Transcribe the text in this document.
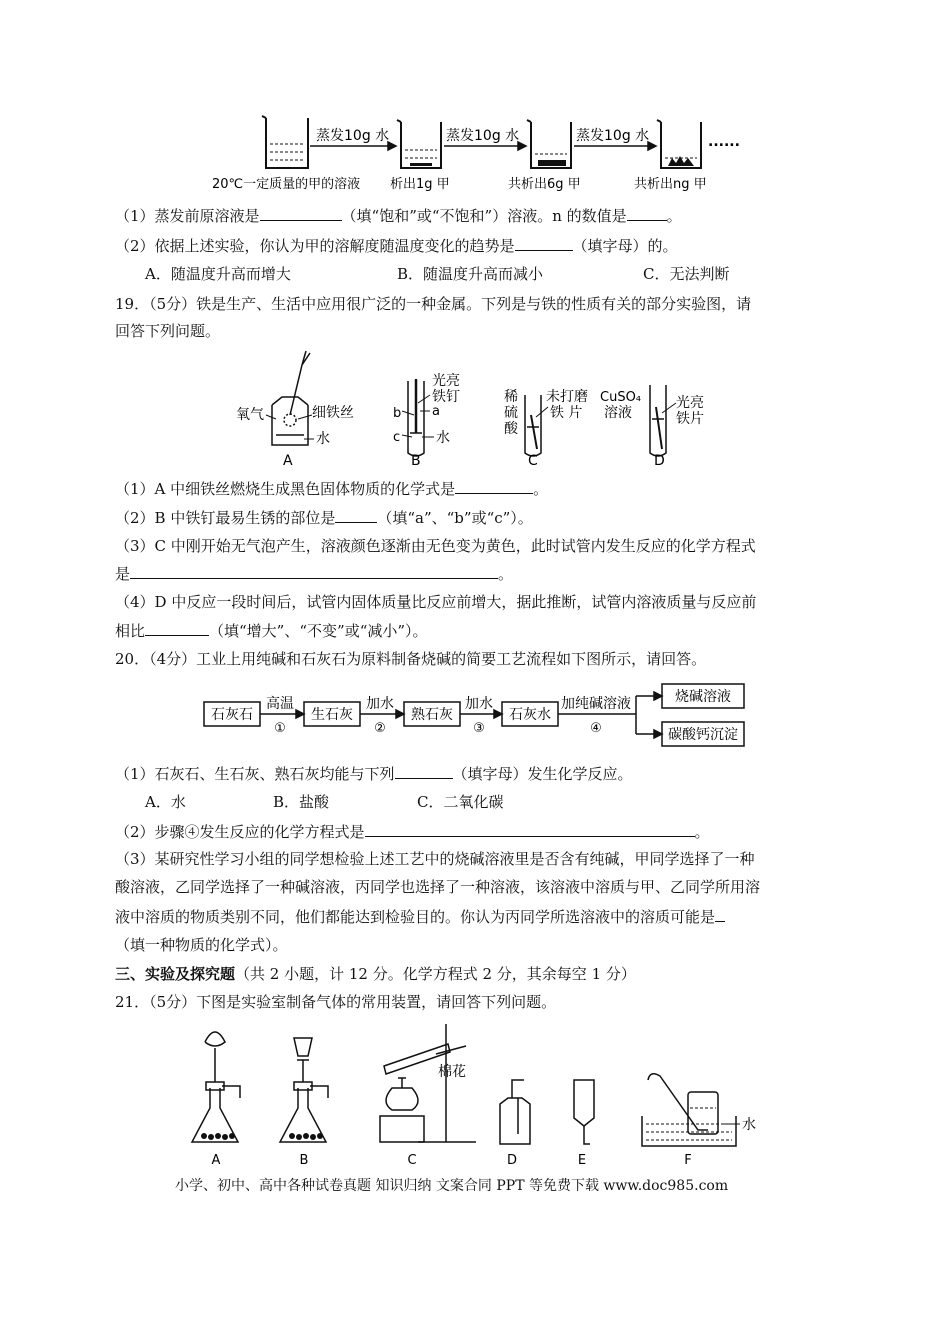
蒸发10g 水	蒸发10g 水	蒸发10g 水	......
20℃一定质量的甲的溶液 析出1g 甲	共析出6g 甲	共析出ng 甲
（1）蒸发前原溶液是	（填“饱和”或“不饱和”）溶液。n 的数值是	。
（2）依据上述实验，你认为甲的溶解度随温度变化的趋势是	（填字母）的。
A．随温度升高而增大	B．随温度升高而减小	C．无法判断
19．（5分）铁是生产、生活中应用很广泛的一种金属。下列是与铁的性质有关的部分实验图，请
回答下列问题。
氧气	细铁丝
水
A
光亮
铁钉
a
b
c	水
B
稀
硫
酸
未打磨
铁 片
C
CuSO₄
溶液
光亮
铁片
D
（1）A 中细铁丝燃烧生成黑色固体物质的化学式是	。
（2）B 中铁钉最易生锈的部位是	（填“a”、“b”或“c”）。
（3）C 中刚开始无气泡产生，溶液颜色逐渐由无色变为黄色，此时试管内发生反应的化学方程式
是	。
（4）D 中反应一段时间后，试管内固体质量比反应前增大，据此推断，试管内溶液质量与反应前
相比	（填“增大”、“不变”或“减小”）。
20．（4分）工业上用纯碱和石灰石为原料制备烧碱的简要工艺流程如下图所示，请回答。
石灰石	生石灰	熟石灰	石灰水
烧碱溶液
碳酸钙沉淀
高温	加水	加水	加纯碱溶液
①	②	③	④
（1）石灰石、生石灰、熟石灰均能与下列	（填字母）发生化学反应。
A．水	B．盐酸	C．二氧化碳
（2）步骤④发生反应的化学方程式是	。
（3）某研究性学习小组的同学想检验上述工艺中的烧碱溶液里是否含有纯碱，甲同学选择了一种
酸溶液，乙同学选择了一种碱溶液，丙同学也选择了一种溶液，该溶液中溶质与甲、乙同学所用溶
液中溶质的物质类别不同，他们都能达到检验目的。你认为丙同学所选溶液中的溶质可能是
（填一种物质的化学式）。
三、实验及探究题（共 2 小题，计 12 分。化学方程式 2 分，其余每空 1 分）
21．（5分）下图是实验室制备气体的常用装置，请回答下列问题。
棉花
水
A	B	C	D	E	F
小学、初中、高中各种试卷真题 知识归纳 文案合同 PPT 等免费下载 www.doc985.com
